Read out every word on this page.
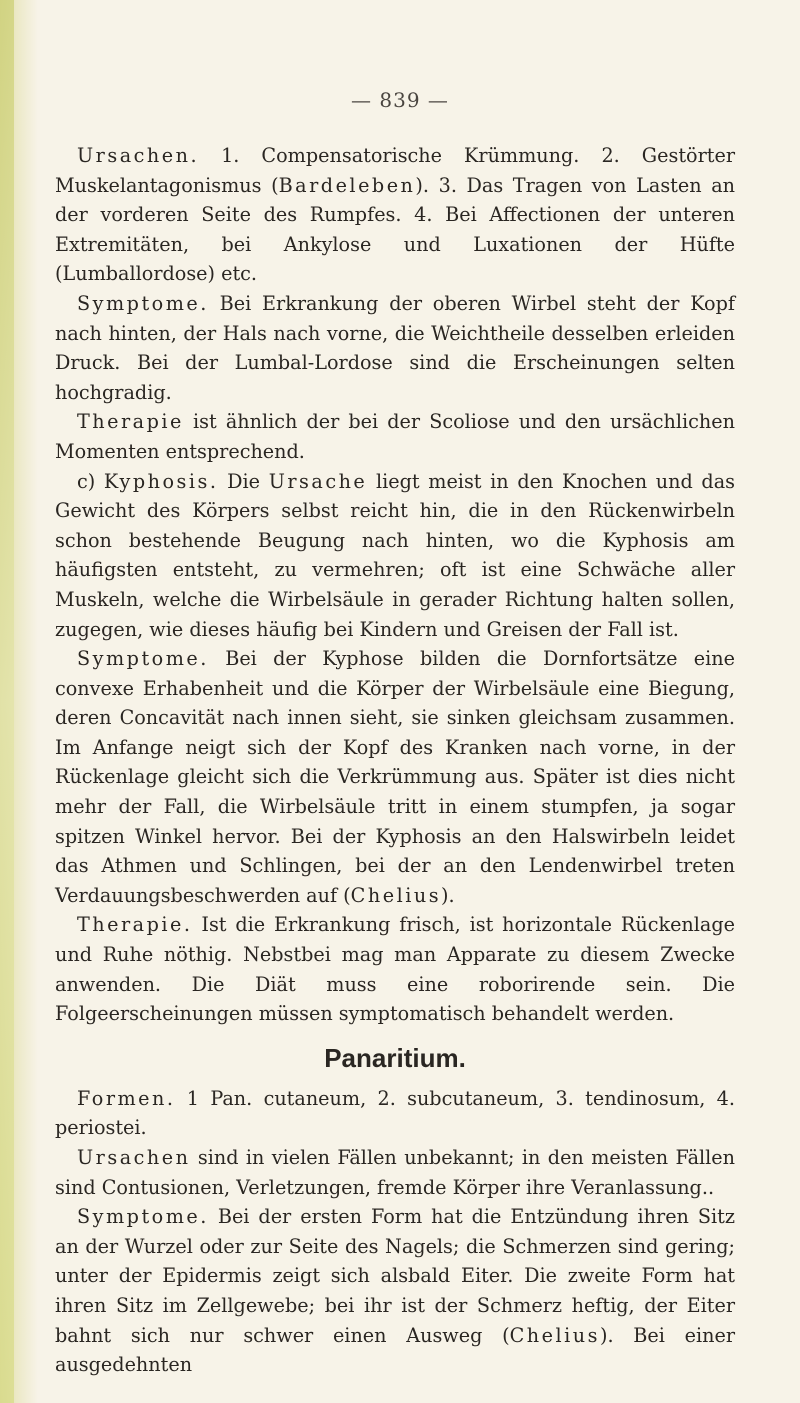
— 839 —

Ursachen. 1. Compensatorische Krümmung. 2. Gestörter Muskelantagonismus (Bardeleben). 3. Das Tragen von Lasten an der vorderen Seite des Rumpfes. 4. Bei Affectionen der unteren Extremitäten, bei Ankylose und Luxationen der Hüfte (Lumballordose) etc.

Symptome. Bei Erkrankung der oberen Wirbel steht der Kopf nach hinten, der Hals nach vorne, die Weichtheile desselben erleiden Druck. Bei der Lumbal-Lordose sind die Erscheinungen selten hochgradig.

Therapie ist ähnlich der bei der Scoliose und den ursächlichen Momenten entsprechend.

c) Kyphosis. Die Ursache liegt meist in den Knochen und das Gewicht des Körpers selbst reicht hin, die in den Rückenwirbeln schon bestehende Beugung nach hinten, wo die Kyphosis am häufigsten entsteht, zu vermehren; oft ist eine Schwäche aller Muskeln, welche die Wirbelsäule in gerader Richtung halten sollen, zugegen, wie dieses häufig bei Kindern und Greisen der Fall ist.

Symptome. Bei der Kyphose bilden die Dornfortsätze eine convexe Erhabenheit und die Körper der Wirbelsäule eine Biegung, deren Concavität nach innen sieht, sie sinken gleichsam zusammen. Im Anfange neigt sich der Kopf des Kranken nach vorne, in der Rückenlage gleicht sich die Verkrümmung aus. Später ist dies nicht mehr der Fall, die Wirbelsäule tritt in einem stumpfen, ja sogar spitzen Winkel hervor. Bei der Kyphosis an den Halswirbeln leidet das Athmen und Schlingen, bei der an den Lendenwirbel treten Verdauungsbeschwerden auf (Chelius).

Therapie. Ist die Erkrankung frisch, ist horizontale Rückenlage und Ruhe nöthig. Nebstbei mag man Apparate zu diesem Zwecke anwenden. Die Diät muss eine roborirende sein. Die Folgeerscheinungen müssen symptomatisch behandelt werden.

Panaritium.

Formen. 1 Pan. cutaneum, 2. subcutaneum, 3. tendinosum, 4. periostei.

Ursachen sind in vielen Fällen unbekannt; in den meisten Fällen sind Contusionen, Verletzungen, fremde Körper ihre Veranlassung..

Symptome. Bei der ersten Form hat die Entzündung ihren Sitz an der Wurzel oder zur Seite des Nagels; die Schmerzen sind gering; unter der Epidermis zeigt sich alsbald Eiter. Die zweite Form hat ihren Sitz im Zellgewebe; bei ihr ist der Schmerz heftig, der Eiter bahnt sich nur schwer einen Ausweg (Chelius). Bei einer ausgedehnten
